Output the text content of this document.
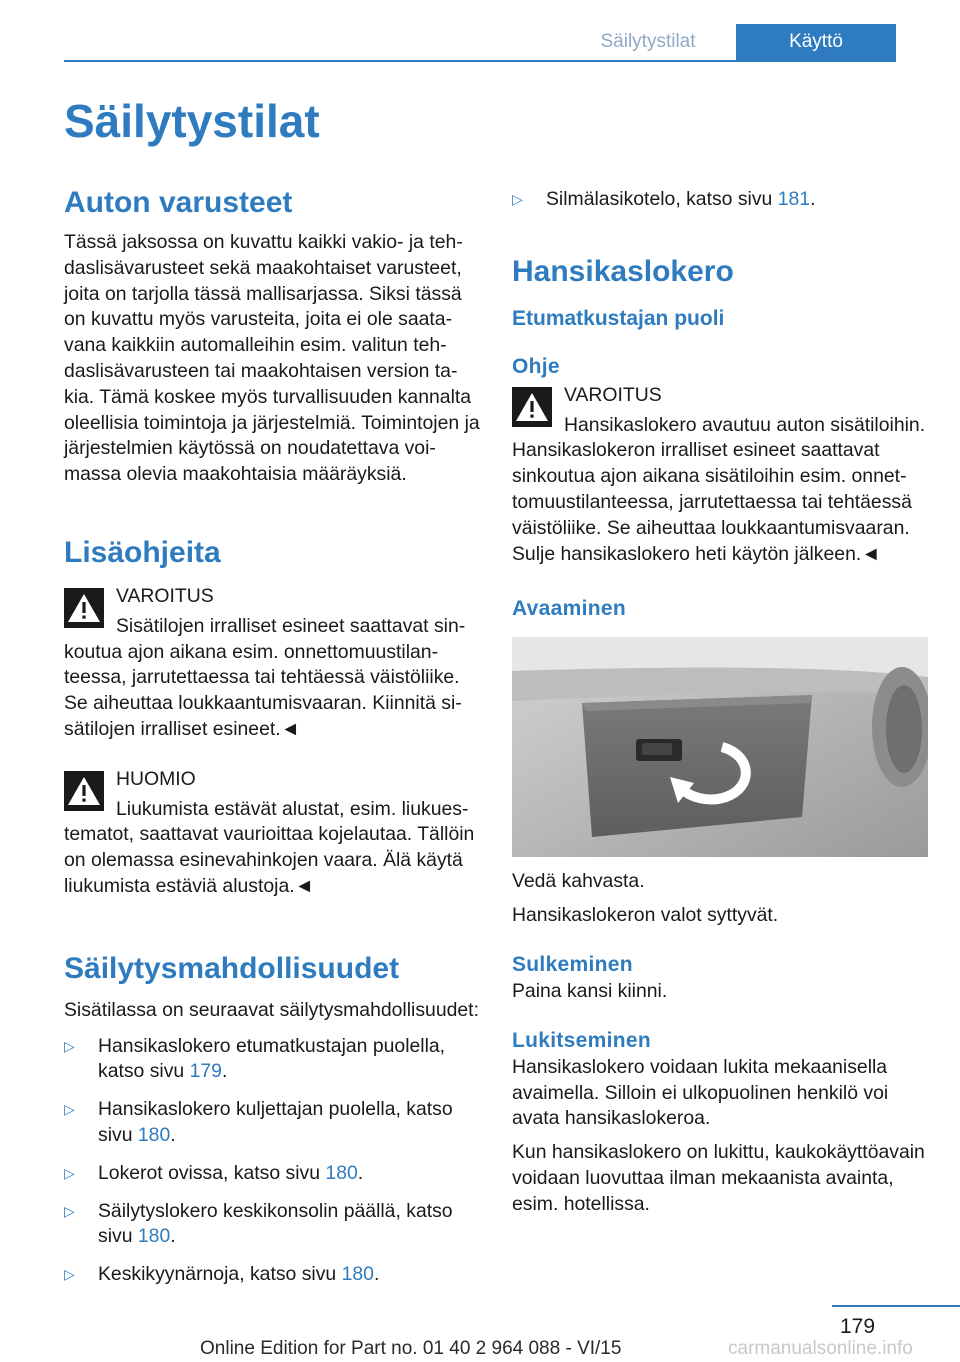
Säilytystilat	Käyttö
Säilytystilat
Auton varusteet

Tässä jaksossa on kuvattu kaikki vakio- ja tehdaslisävarusteet sekä maakohtaiset varusteet, joita on tarjolla tässä mallisarjassa. Siksi tässä on kuvattu myös varusteita, joita ei ole saatavana kaikkiin automalleihin esim. valitun tehdaslisävarusteen tai maakohtaisen version takia. Tämä koskee myös turvallisuuden kannalta oleellisia toimintoja ja järjestelmiä. Toimintojen ja järjestelmien käytössä on noudatettava voimassa olevia maakohtaisia määräyksiä.

Lisäohjeita
VAROITUS
Sisätilojen irralliset esineet saattavat sinkoutua ajon aikana esim. onnettomuustilanteessa, jarrutettaessa tai tehtäessä väistöliike. Se aiheuttaa loukkaantumisvaaran. Kiinnitä sisätilojen irralliset esineet.◄
HUOMIO
Liukumista estävät alustat, esim. liukuestematot, saattavat vaurioittaa kojelautaa. Tällöin on olemassa esinevahinkojen vaara. Älä käytä liukumista estäviä alustoja.◄
Säilytysmahdollisuudet

Sisätilassa on seuraavat säilytysmahdollisuudet:

▷ Hansikaslokero etumatkustajan puolella, katso sivu 179.
▷ Hansikaslokero kuljettajan puolella, katso sivu 180.
▷ Lokerot ovissa, katso sivu 180.
▷ Säilytyslokero keskikonsolin päällä, katso sivu 180.
▷ Keskikyynärnoja, katso sivu 180.
▷ Silmälasikotelo, katso sivu 181.
Hansikaslokero
Etumatkustajan puoli
Ohje
VAROITUS
Hansikaslokero avautuu auton sisätiloihin. Hansikaslokeron irralliset esineet saattavat sinkoutua ajon aikana sisätiloihin esim. onnettomuustilanteessa, jarrutettaessa tai tehtäessä väistöliike. Se aiheuttaa loukkaantumisvaaran. Sulje hansikaslokero heti käytön jälkeen.◄
Avaaminen

Vedä kahvasta.

Hansikaslokeron valot syttyvät.

Sulkeminen

Paina kansi kiinni.

Lukitseminen

Hansikaslokero voidaan lukita mekaanisella avaimella. Silloin ei ulkopuolinen henkilö voi avata hansikaslokeroa.

Kun hansikaslokero on lukittu, kaukokäyttöavain voidaan luovuttaa ilman mekaanista avainta, esim. hotellissa.

179
Online Edition for Part no. 01 40 2 964 088 - VI/15	carmanualsonline.info
